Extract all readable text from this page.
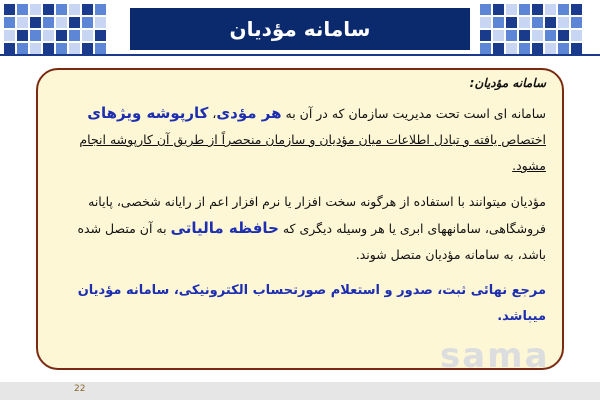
سامانه مؤدیان

سامانه مؤدیان:

سامانه ای است تحت مدیریت سازمان که در آن به هر مؤدی، کارپوشه ویژهای اختصاص یافته و تبادل اطلاعات میان مؤدیان و سازمان منحصراً از طریق آن کارپوشه انجام مشود.

مؤدیان میتوانند با استفاده از هرگونه سخت افزار یا نرم افزار اعم از رایانه شخصی، پایانه فروشگاهی، سامانههای ابری یا هر وسیله دیگری که حافظه مالیاتی به آن متصل شده باشد، به سامانه مؤدیان متصل شوند.

مرجع نهائی ثبت، صدور و استعلام صورتحساب الکترونیکی، سامانه مؤدیان میباشد.

sama
22
